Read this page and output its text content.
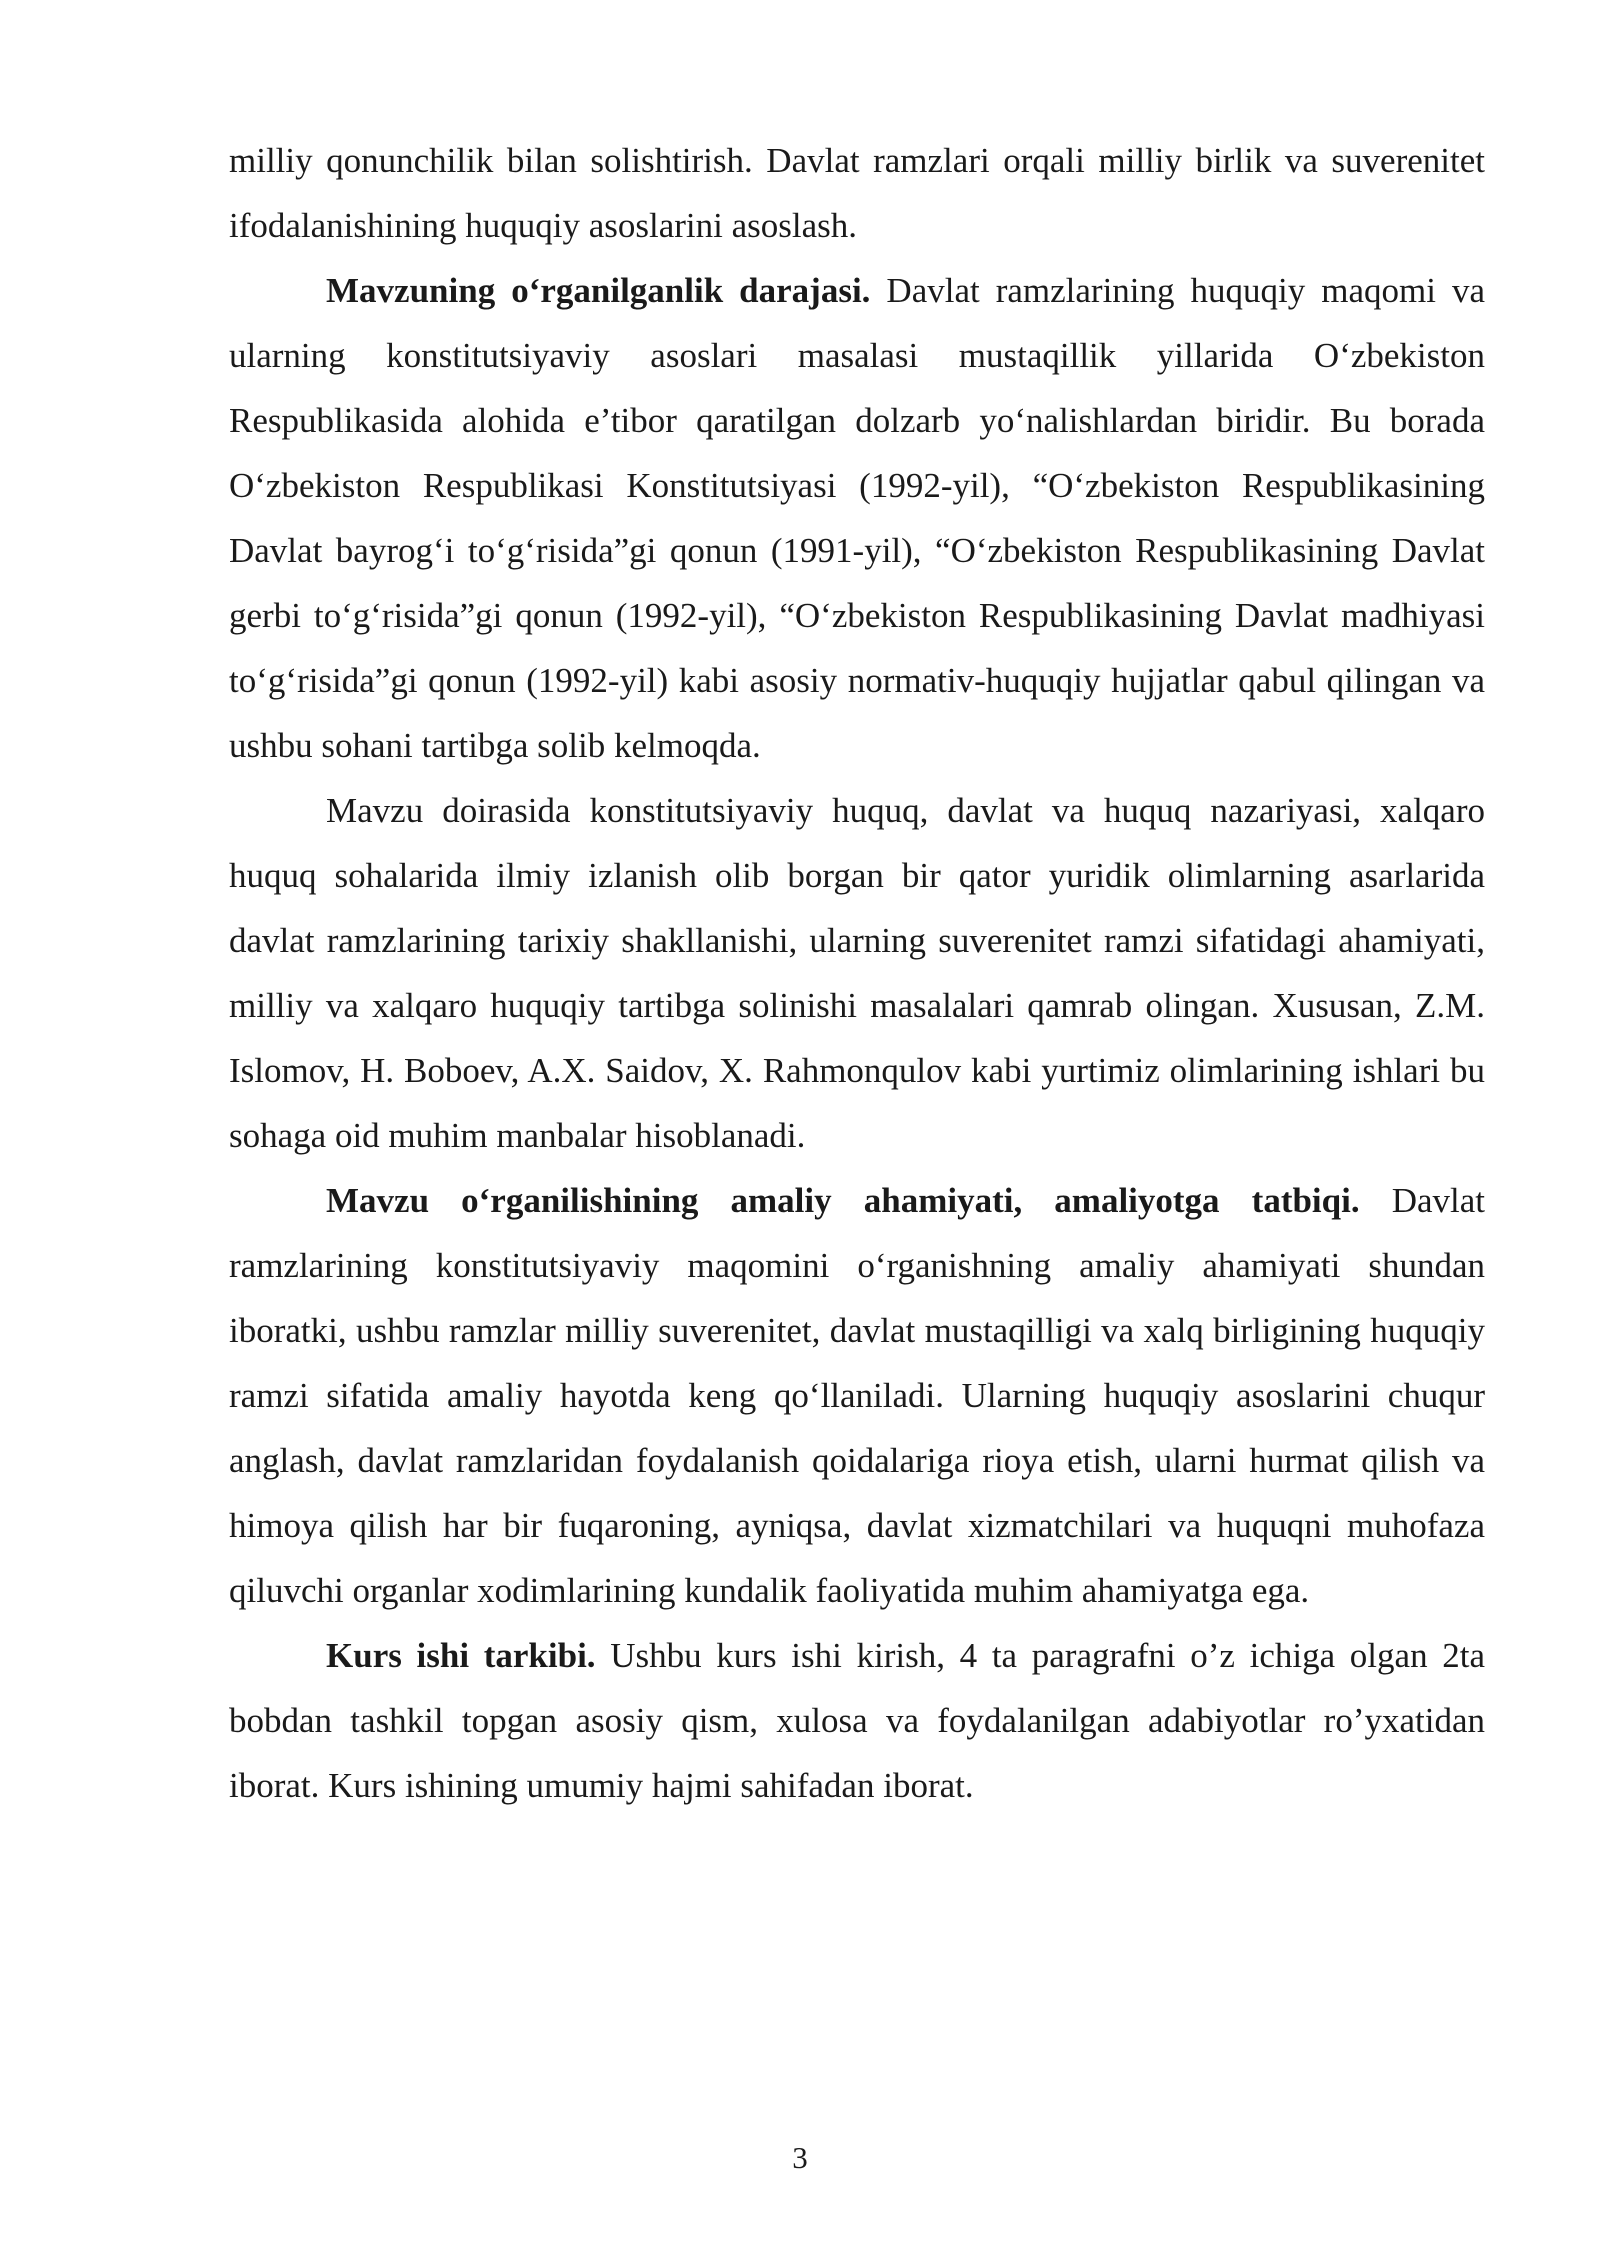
milliy qonunchilik bilan solishtirish. Davlat ramzlari orqali milliy birlik va suverenitet ifodalanishining huquqiy asoslarini asoslash.

Mavzuning o‘rganilganlik darajasi. Davlat ramzlarining huquqiy maqomi va ularning konstitutsiyaviy asoslari masalasi mustaqillik yillarida O‘zbekiston Respublikasida alohida e’tibor qaratilgan dolzarb yo‘nalishlardan biridir. Bu borada O‘zbekiston Respublikasi Konstitutsiyasi (1992-yil), “O‘zbekiston Respublikasining Davlat bayrog‘i to‘g‘risida”gi qonun (1991-yil), “O‘zbekiston Respublikasining Davlat gerbi to‘g‘risida”gi qonun (1992-yil), “O‘zbekiston Respublikasining Davlat madhiyasi to‘g‘risida”gi qonun (1992-yil) kabi asosiy normativ-huquqiy hujjatlar qabul qilingan va ushbu sohani tartibga solib kelmoqda.

Mavzu doirasida konstitutsiyaviy huquq, davlat va huquq nazariyasi, xalqaro huquq sohalarida ilmiy izlanish olib borgan bir qator yuridik olimlarning asarlarida davlat ramzlarining tarixiy shakllanishi, ularning suverenitet ramzi sifatidagi ahamiyati, milliy va xalqaro huquqiy tartibga solinishi masalalari qamrab olingan. Xususan, Z.M. Islomov, H. Boboev, A.X. Saidov, X. Rahmonqulov kabi yurtimiz olimlarining ishlari bu sohaga oid muhim manbalar hisoblanadi.

Mavzu o‘rganilishining amaliy ahamiyati, amaliyotga tatbiqi. Davlat ramzlarining konstitutsiyaviy maqomini o‘rganishning amaliy ahamiyati shundan iboratki, ushbu ramzlar milliy suverenitet, davlat mustaqilligi va xalq birligining huquqiy ramzi sifatida amaliy hayotda keng qo‘llaniladi. Ularning huquqiy asoslarini chuqur anglash, davlat ramzlaridan foydalanish qoidalariga rioya etish, ularni hurmat qilish va himoya qilish har bir fuqaroning, ayniqsa, davlat xizmatchilari va huquqni muhofaza qiluvchi organlar xodimlarining kundalik faoliyatida muhim ahamiyatga ega.

Kurs ishi tarkibi. Ushbu kurs ishi kirish, 4 ta paragrafni o’z ichiga olgan 2ta bobdan tashkil topgan asosiy qism, xulosa va foydalanilgan adabiyotlar ro’yxatidan iborat. Kurs ishining umumiy hajmi sahifadan iborat.

3
